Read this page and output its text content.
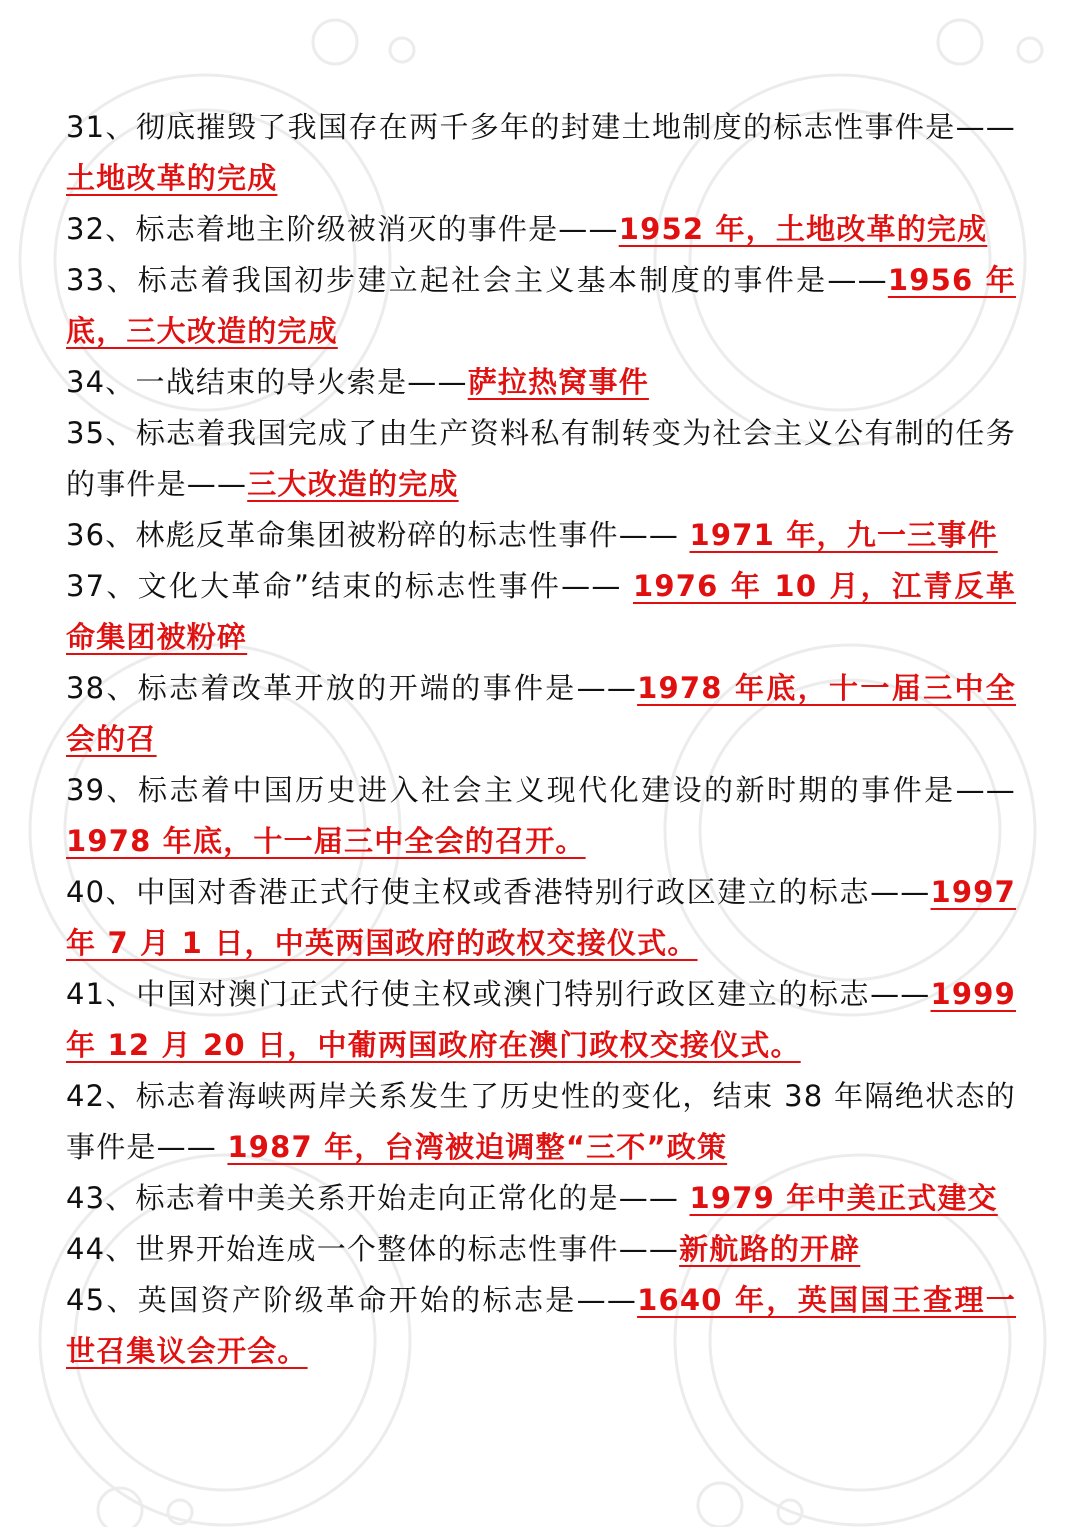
31、彻底摧毁了我国存在两千多年的封建土地制度的标志性事件是——土地改革的完成

32、标志着地主阶级被消灭的事件是——1952 年，土地改革的完成

33、标志着我国初步建立起社会主义基本制度的事件是——1956 年底，三大改造的完成

34、一战结束的导火索是——萨拉热窝事件

35、标志着我国完成了由生产资料私有制转变为社会主义公有制的任务的事件是——三大改造的完成

36、林彪反革命集团被粉碎的标志性事件—— 1971 年，九一三事件

37、文化大革命”结束的标志性事件—— 1976 年 10 月，江青反革命集团被粉碎

38、标志着改革开放的开端的事件是——1978 年底，十一届三中全会的召

39、标志着中国历史进入社会主义现代化建设的新时期的事件是—— 1978 年底，十一届三中全会的召开。

40、中国对香港正式行使主权或香港特别行政区建立的标志——1997 年 7 月 1 日，中英两国政府的政权交接仪式。

41、中国对澳门正式行使主权或澳门特别行政区建立的标志——1999 年 12 月 20 日，中葡两国政府在澳门政权交接仪式。

42、标志着海峡两岸关系发生了历史性的变化，结束 38 年隔绝状态的事件是—— 1987 年，台湾被迫调整“三不”政策

43、标志着中美关系开始走向正常化的是—— 1979 年中美正式建交

44、世界开始连成一个整体的标志性事件——新航路的开辟

45、英国资产阶级革命开始的标志是——1640 年，英国国王查理一世召集议会开会。
